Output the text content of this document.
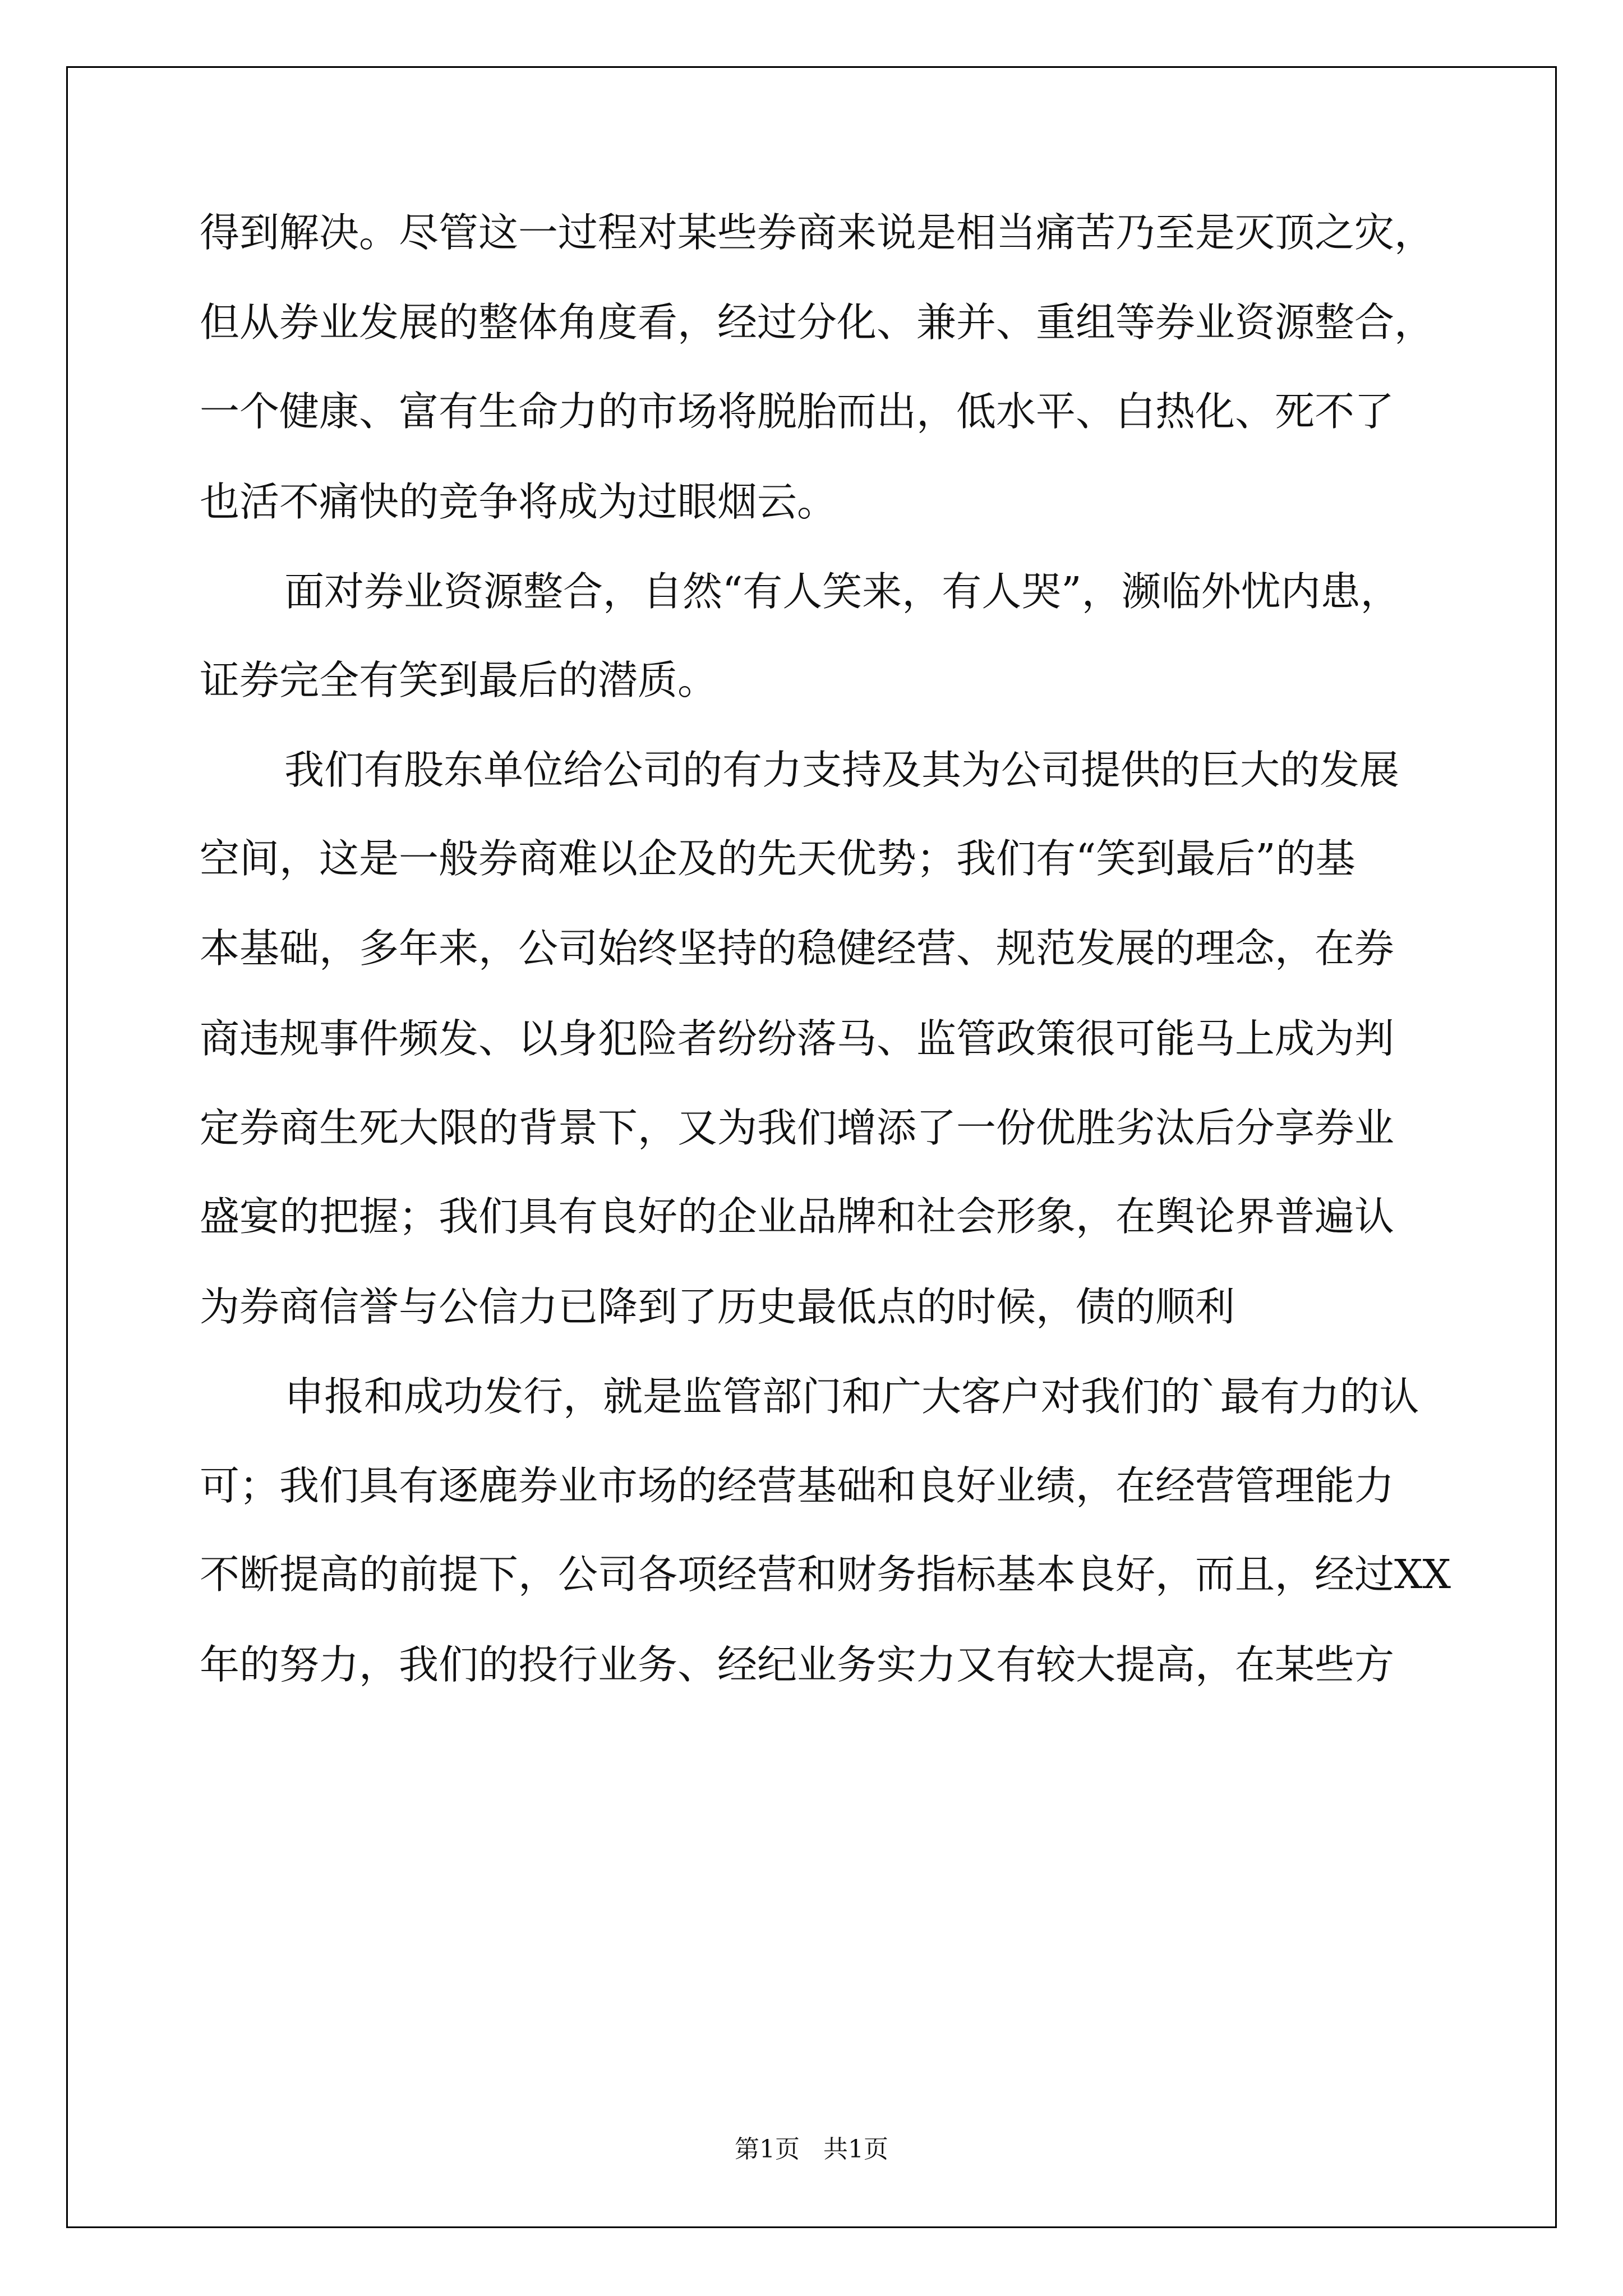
得到解决。尽管这一过程对某些券商来说是相当痛苦乃至是灭顶之灾，
但从券业发展的整体角度看，经过分化、兼并、重组等券业资源整合，
一个健康、富有生命力的市场将脱胎而出，低水平、白热化、死不了
也活不痛快的竞争将成为过眼烟云。
面对券业资源整合，自然“有人笑来，有人哭”，濒临外忧内患，
证券完全有笑到最后的潜质。
我们有股东单位给公司的有力支持及其为公司提供的巨大的发展
空间，这是一般券商难以企及的先天优势；我们有“笑到最后”的基
本基础，多年来，公司始终坚持的稳健经营、规范发展的理念，在券
商违规事件频发、以身犯险者纷纷落马、监管政策很可能马上成为判
定券商生死大限的背景下，又为我们增添了一份优胜劣汰后分享券业
盛宴的把握；我们具有良好的企业品牌和社会形象，在舆论界普遍认
为券商信誉与公信力已降到了历史最低点的时候，债的顺利
申报和成功发行，就是监管部门和广大客户对我们的`最有力的认
可；我们具有逐鹿券业市场的经营基础和良好业绩，在经营管理能力
不断提高的前提下，公司各项经营和财务指标基本良好，而且，经过XX
年的努力，我们的投行业务、经纪业务实力又有较大提高，在某些方
第1页   共1页
